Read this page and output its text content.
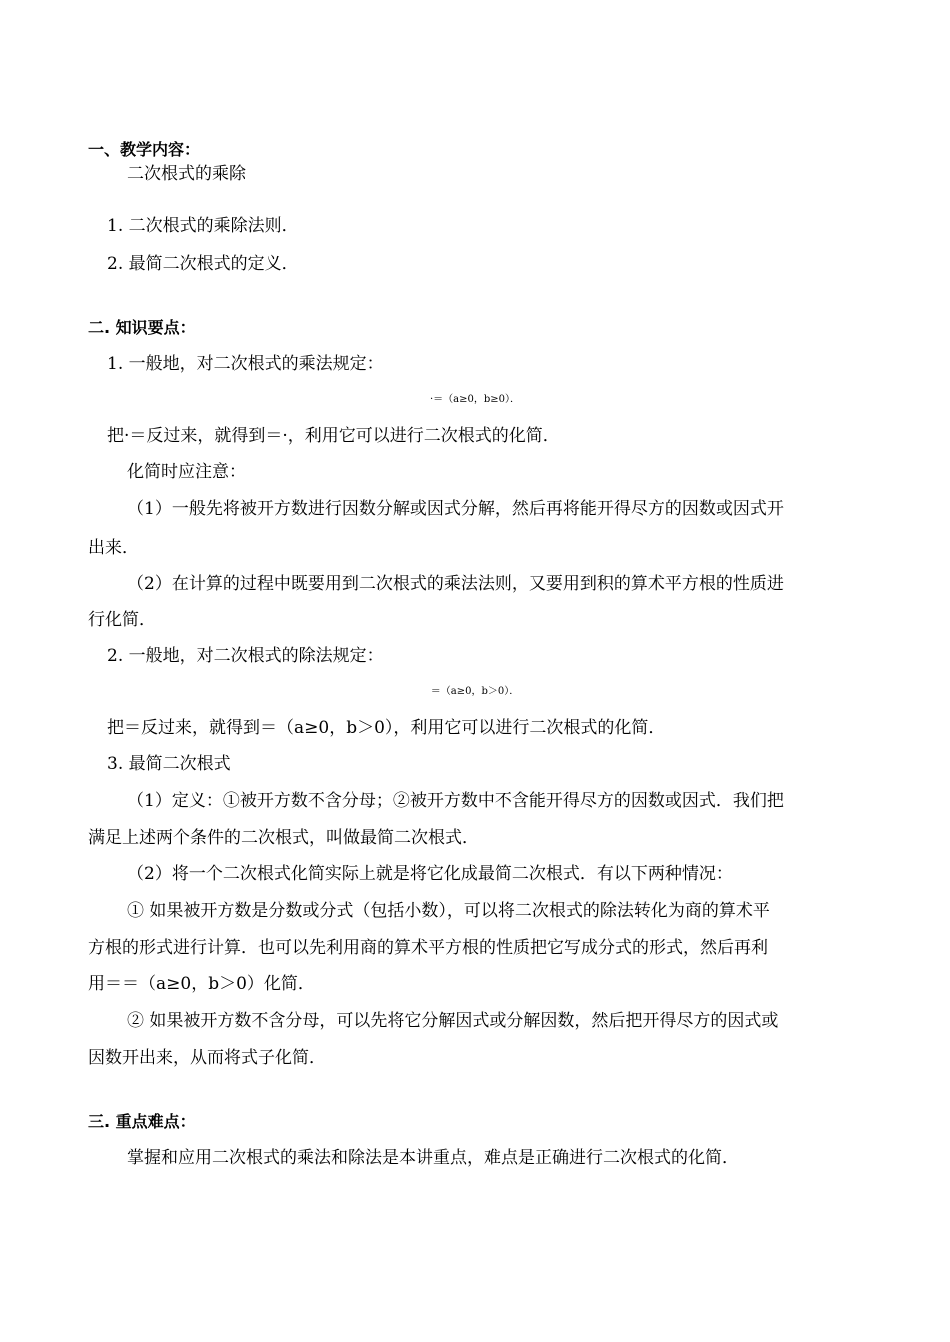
一、教学内容：
二次根式的乘除
1. 二次根式的乘除法则．
2. 最简二次根式的定义．
二. 知识要点：
1. 一般地，对二次根式的乘法规定：
·＝（a≥0，b≥0）．
把·＝反过来，就得到＝·，利用它可以进行二次根式的化简．
化简时应注意：
（1）一般先将被开方数进行因数分解或因式分解，然后再将能开得尽方的因数或因式开
出来．
（2）在计算的过程中既要用到二次根式的乘法法则，又要用到积的算术平方根的性质进
行化简．
2. 一般地，对二次根式的除法规定：
＝（a≥0，b＞0）．
把＝反过来，就得到＝（a≥0，b＞0），利用它可以进行二次根式的化简．
3. 最简二次根式
（1）定义：①被开方数不含分母；②被开方数中不含能开得尽方的因数或因式．我们把
满足上述两个条件的二次根式，叫做最简二次根式．
（2）将一个二次根式化简实际上就是将它化成最简二次根式．有以下两种情况：
① 如果被开方数是分数或分式（包括小数），可以将二次根式的除法转化为商的算术平
方根的形式进行计算．也可以先利用商的算术平方根的性质把它写成分式的形式，然后再利
用＝＝（a≥0，b＞0）化简．
② 如果被开方数不含分母，可以先将它分解因式或分解因数，然后把开得尽方的因式或
因数开出来，从而将式子化简．
三. 重点难点：
掌握和应用二次根式的乘法和除法是本讲重点，难点是正确进行二次根式的化简．
